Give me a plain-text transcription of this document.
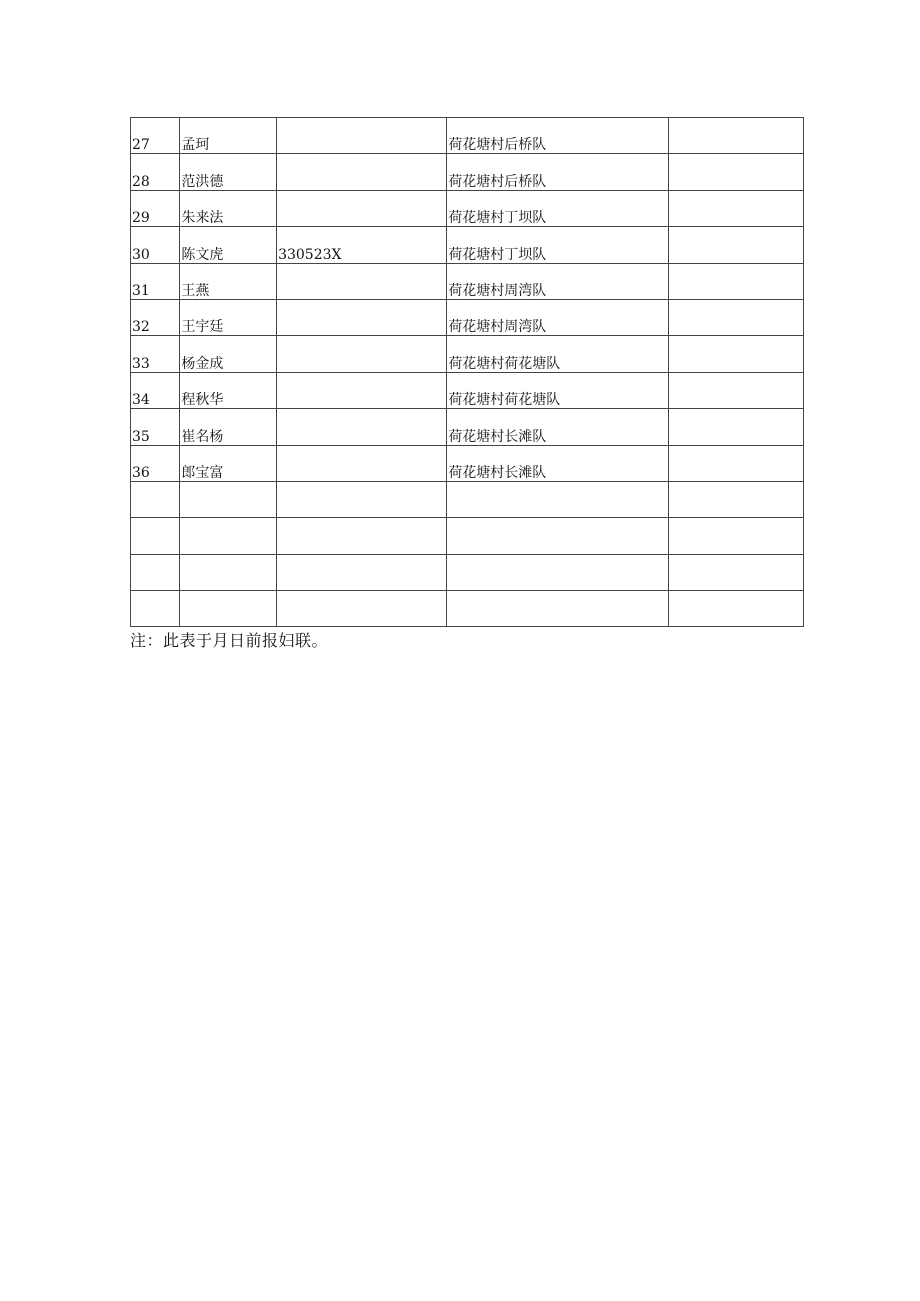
27	孟珂		荷花塘村后桥队	

28	范洪德		荷花塘村后桥队	

29	朱来法		荷花塘村丁坝队	

30	陈文虎	330523X	荷花塘村丁坝队	

31	王燕		荷花塘村周湾队	

32	王宇廷		荷花塘村周湾队	

33	杨金成		荷花塘村荷花塘队	

34	程秋华		荷花塘村荷花塘队	

35	崔名杨		荷花塘村长滩队	

36	郎宝富		荷花塘村长滩队	

注：此表于月日前报妇联。
